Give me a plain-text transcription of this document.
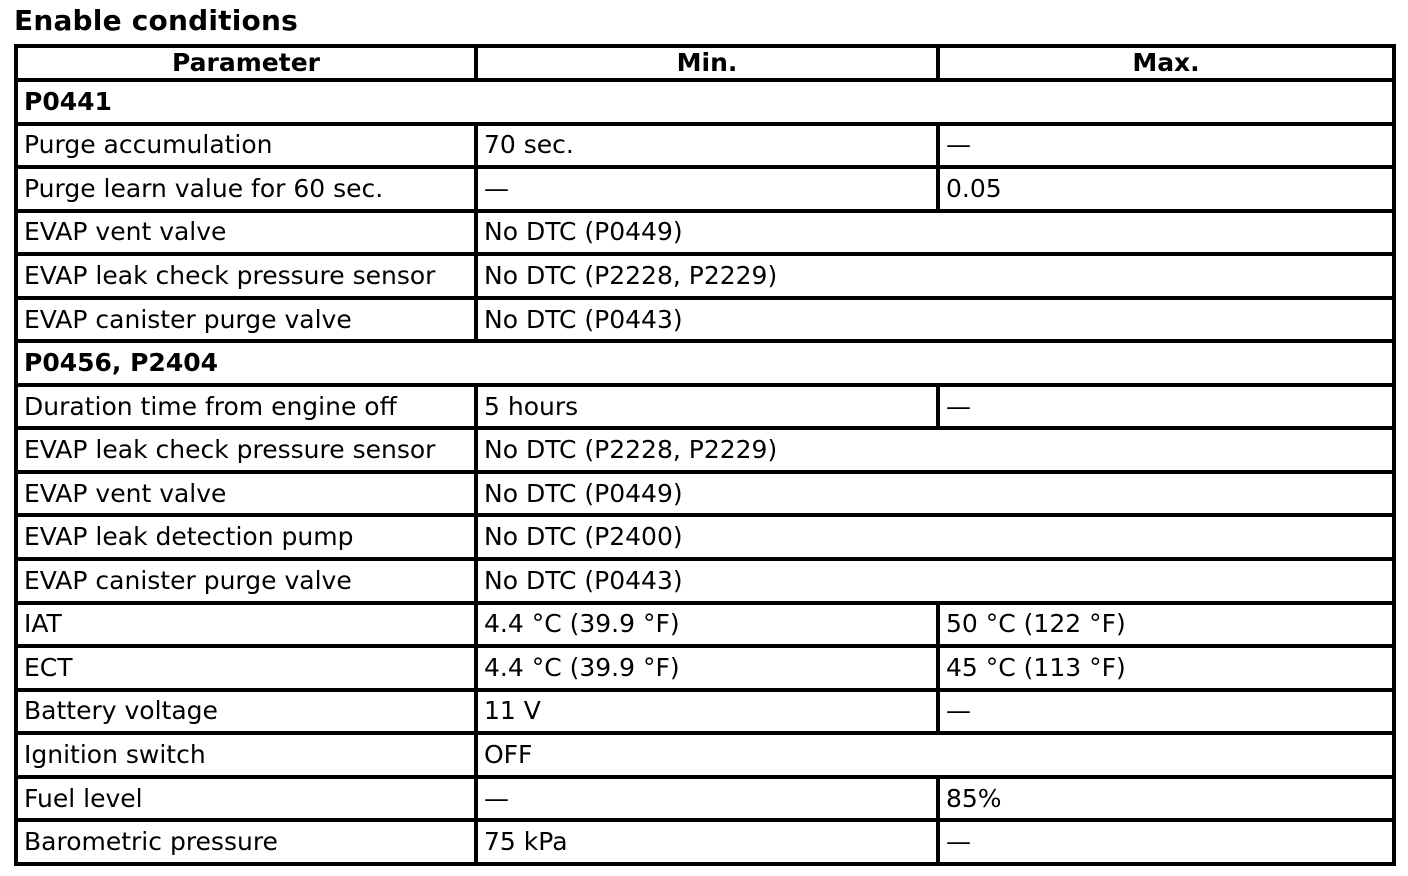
Enable conditions
Parameter	Min.	Max.
P0441		
Purge accumulation	70 sec.	—
Purge learn value for 60 sec.	—	0.05
EVAP vent valve	No DTC (P0449)	
EVAP leak check pressure sensor	No DTC (P2228, P2229)	
EVAP canister purge valve	No DTC (P0443)	
P0456, P2404		
Duration time from engine off	5 hours	—
EVAP leak check pressure sensor	No DTC (P2228, P2229)	
EVAP vent valve	No DTC (P0449)	
EVAP leak detection pump	No DTC (P2400)	
EVAP canister purge valve	No DTC (P0443)	
IAT	4.4 °C (39.9 °F)	50 °C (122 °F)
ECT	4.4 °C (39.9 °F)	45 °C (113 °F)
Battery voltage	11 V	—
Ignition switch	OFF	
Fuel level	—	85%
Barometric pressure	75 kPa	—
